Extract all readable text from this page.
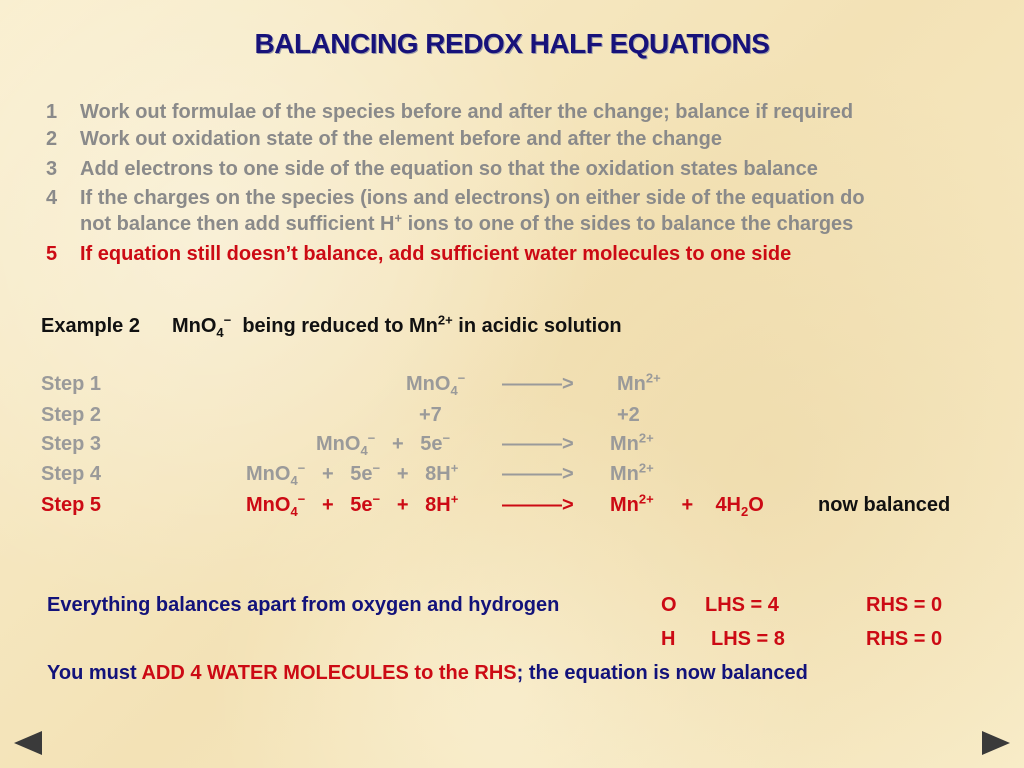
BALANCING REDOX HALF EQUATIONS
1 Work out formulae of the species before and after the change; balance if required
2 Work out oxidation state of the element before and after the change
3 Add electrons to one side of the equation so that the oxidation states balance
4 If the charges on the species (ions and electrons) on either side of the equation do
not balance then add sufficient H+ ions to one of the sides to balance the charges
5 If equation still doesn’t balance, add sufficient water molecules to one side
Example 2 MnO$_4$− being reduced to $Mn^{2+}$ in acidic solution
Step 1	MnO$_4$− ———> $Mn^{2+}$
Step 2	+7	+2
Step 3	MnO$_4$− + 5e−	———> $Mn^{2+}$
Step 4	MnO$_4$− + 5e− + 8H+ ———> $Mn^{2+}$
Step 5	MnO$_4$− + 5e− + 8H+ ———> $Mn^{2+} + 4H_2O$	now balanced
Everything balances apart from oxygen and hydrogen	O LHS = 4	RHS = 0
H LHS = 8	RHS = 0
You must ADD 4 WATER MOLECULES to the RHS; the equation is now balanced
